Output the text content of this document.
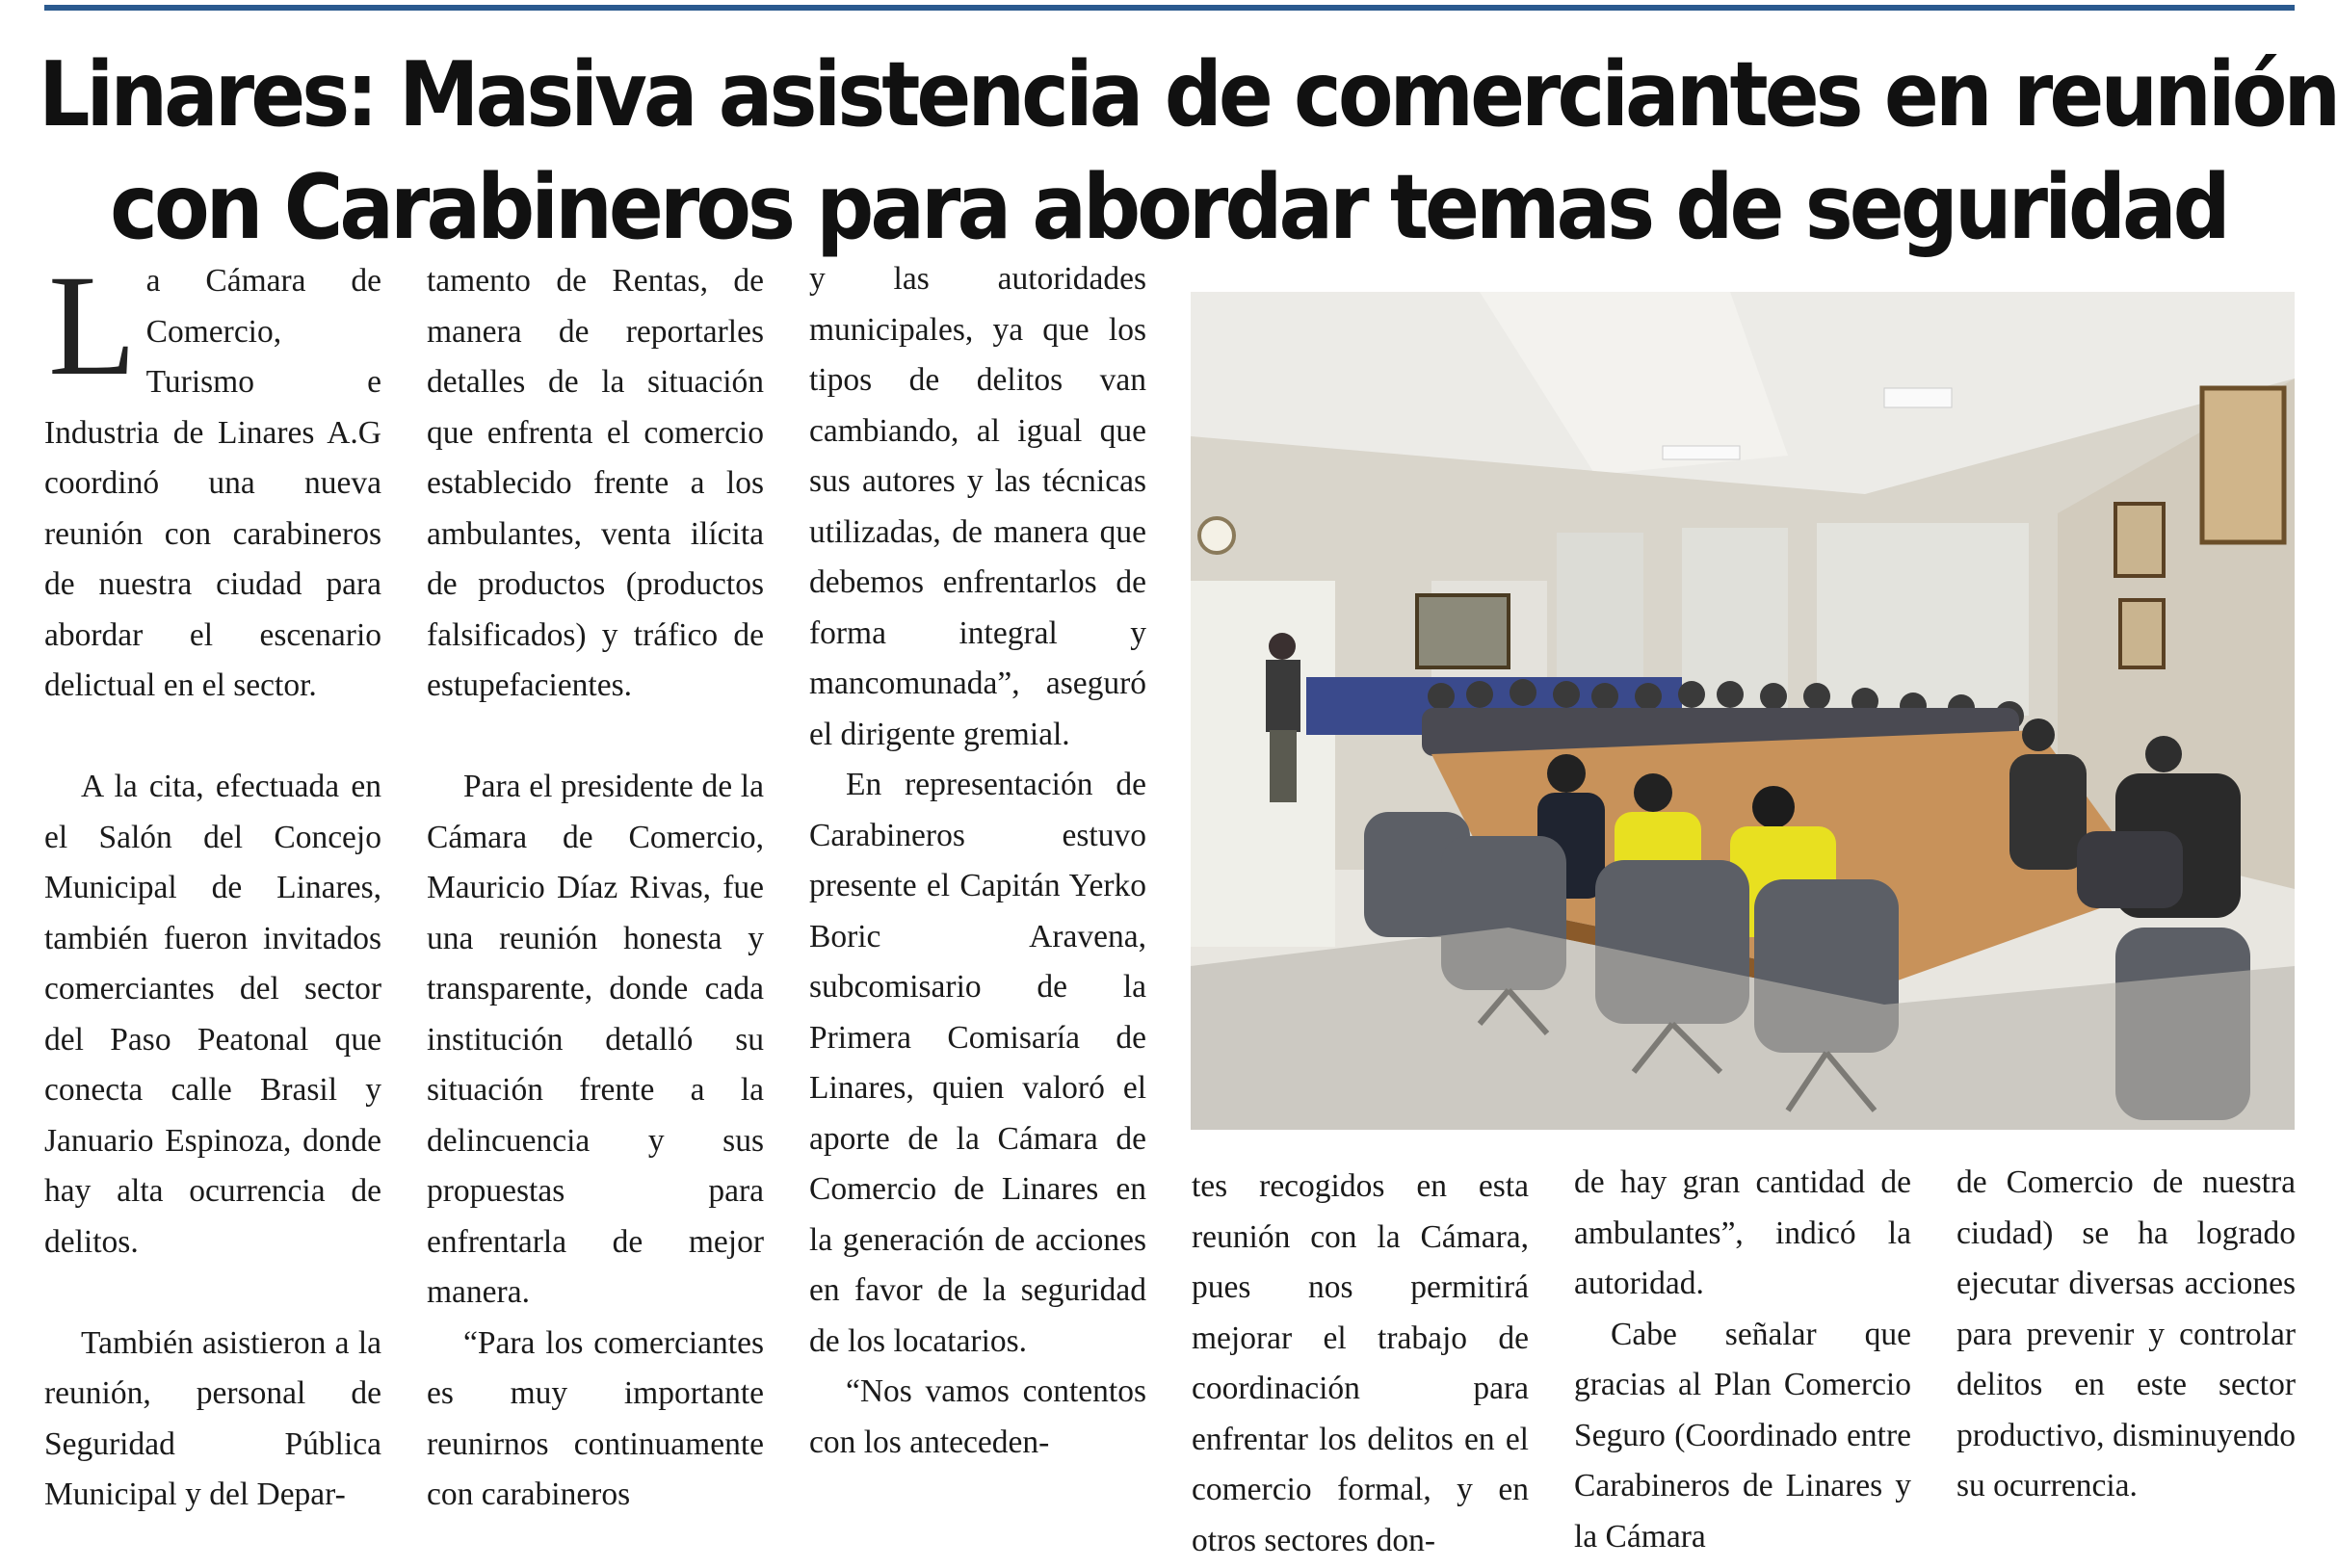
Linares: Masiva asistencia de comerciantes en reunión
con Carabineros para abordar temas de seguridad

La Cámara de Comercio, Turismo e Industria de Linares A.G coordinó una nueva reunión con carabineros de nuestra ciudad para abordar el escenario delictual en el sector.

A la cita, efectuada en el Salón del Concejo Municipal de Linares, también fueron invitados comerciantes del sector del Paso Peatonal que conecta calle Brasil y Januario Espinoza, donde hay alta ocurrencia de delitos.

También asistieron a la reunión, personal de Seguridad Pública Municipal y del Depar-

tamento de Rentas, de manera de reportarles detalles de la situación que enfrenta el comercio establecido frente a los ambulantes, venta ilícita de productos (productos falsificados) y tráfico de estupefacientes.

Para el presidente de la Cámara de Comercio, Mauricio Díaz Rivas, fue una reunión honesta y transparente, donde cada institución detalló su situación frente a la delincuencia y sus propuestas para enfrentarla de mejor manera.

“Para los comerciantes es muy importante reunirnos continuamente con carabineros

y las autoridades municipales, ya que los tipos de delitos van cambiando, al igual que sus autores y las técnicas utilizadas, de manera que debemos enfrentarlos de forma integral y mancomunada”, aseguró el dirigente gremial.

En representación de Carabineros estuvo presente el Capitán Yerko Boric Aravena, subcomisario de la Primera Comisaría de Linares, quien valoró el aporte de la Cámara de Comercio de Linares en la generación de acciones en favor de la seguridad de los locatarios.

“Nos vamos contentos con los anteceden-

tes recogidos en esta reunión con la Cámara, pues nos permitirá mejorar el trabajo de coordinación para enfrentar los delitos en el comercio formal, y en otros sectores don-

de hay gran cantidad de ambulantes”, indicó la autoridad.

Cabe señalar que gracias al Plan Comercio Seguro (Coordinado entre Carabineros de Linares y la Cámara

de Comercio de nuestra ciudad) se ha logrado ejecutar diversas acciones para prevenir y controlar delitos en este sector productivo, disminuyendo su ocurrencia.
